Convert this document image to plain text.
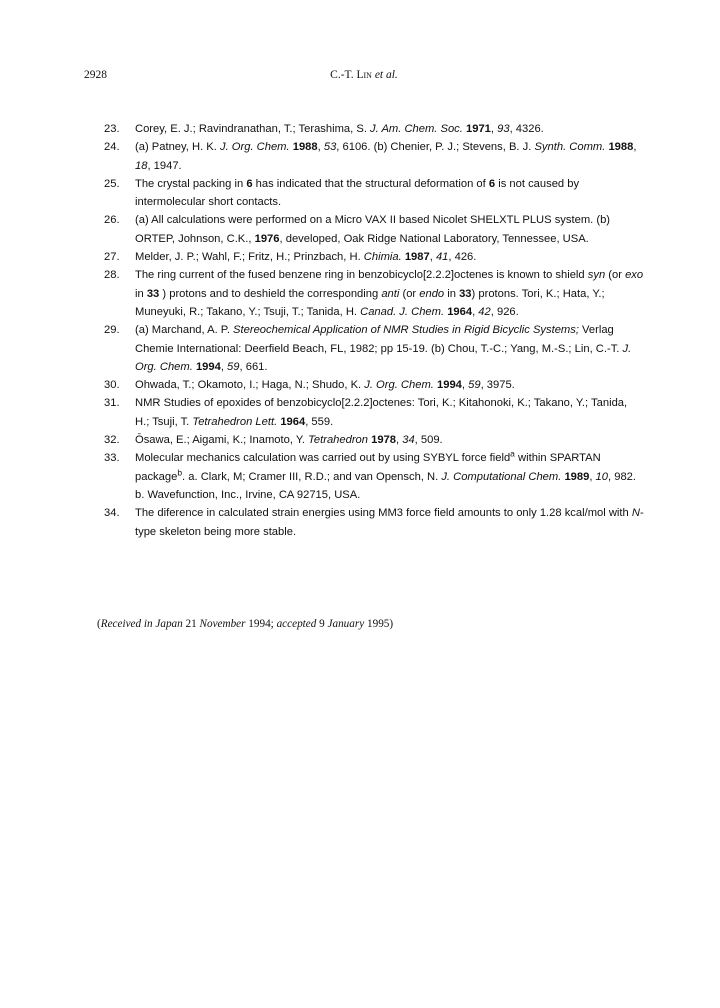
2928	C.-T. Lin et al.
23.	Corey, E. J.; Ravindranathan, T.; Terashima, S. J. Am. Chem. Soc. 1971, 93, 4326.
24.	(a) Patney, H. K. J. Org. Chem. 1988, 53, 6106. (b) Chenier, P. J.; Stevens, B. J. Synth. Comm. 1988, 18, 1947.
25.	The crystal packing in 6 has indicated that the structural deformation of 6 is not caused by intermolecular short contacts.
26.	(a) All calculations were performed on a Micro VAX II based Nicolet SHELXTL PLUS system. (b) ORTEP, Johnson, C.K., 1976, developed, Oak Ridge National Laboratory, Tennessee, USA.
27.	Melder, J. P.; Wahl, F.; Fritz, H.; Prinzbach, H. Chimia. 1987, 41, 426.
28.	The ring current of the fused benzene ring in benzobicyclo[2.2.2]octenes is known to shield syn (or exo in 33 ) protons and to deshield the corresponding anti (or endo in 33) protons. Tori, K.; Hata, Y.; Muneyuki, R.; Takano, Y.; Tsuji, T.; Tanida, H. Canad. J. Chem. 1964, 42, 926.
29.	(a) Marchand, A. P. Stereochemical Application of NMR Studies in Rigid Bicyclic Systems; Verlag Chemie International: Deerfield Beach, FL, 1982; pp 15-19. (b) Chou, T.-C.; Yang, M.-S.; Lin, C.-T. J. Org. Chem. 1994, 59, 661.
30.	Ohwada, T.; Okamoto, I.; Haga, N.; Shudo, K. J. Org. Chem. 1994, 59, 3975.
31.	NMR Studies of epoxides of benzobicyclo[2.2.2]octenes: Tori, K.; Kitahonoki, K.; Takano, Y.; Tanida, H.; Tsuji, T. Tetrahedron Lett. 1964, 559.
32.	Ōsawa, E.; Aigami, K.; Inamoto, Y. Tetrahedron 1978, 34, 509.
33.	Molecular mechanics calculation was carried out by using SYBYL force field$^a$ within SPARTAN package$^b$. a. Clark, M; Cramer III, R.D.; and van Opensch, N. J. Computational Chem. 1989, 10, 982. b. Wavefunction, Inc., Irvine, CA 92715, USA.
34.	The diference in calculated strain energies using MM3 force field amounts to only 1.28 kcal/mol with N-type skeleton being more stable.
(Received in Japan 21 November 1994; accepted 9 January 1995)
